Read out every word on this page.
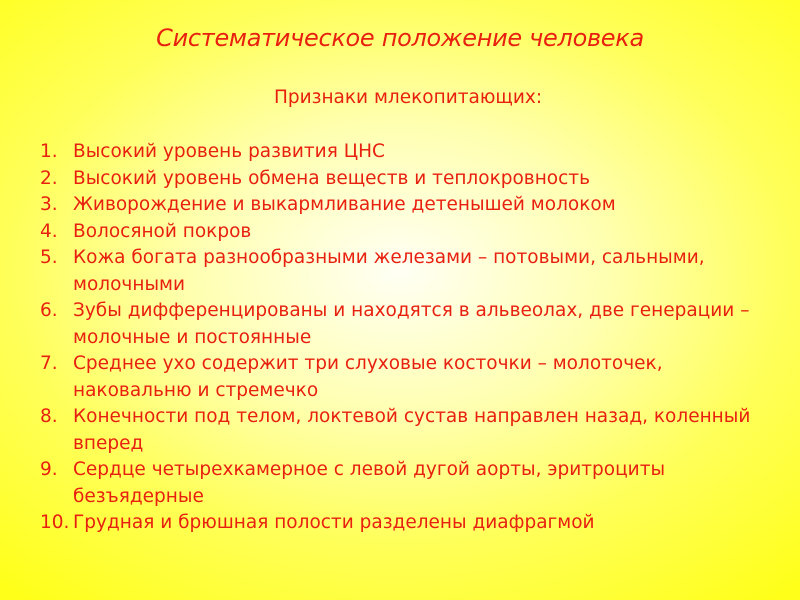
Систематическое положение человека
Признаки млекопитающих:
1. Высокий уровень развития ЦНС
2. Высокий уровень обмена веществ и теплокровность
3. Живорождение и выкармливание детенышей молоком
4. Волосяной покров
5. Кожа богата разнообразными железами – потовыми, сальными, молочными
6. Зубы дифференцированы и находятся в альвеолах, две генерации – молочные и постоянные
7. Среднее ухо содержит три слуховые косточки – молоточек, наковальню и стремечко
8. Конечности под телом, локтевой сустав направлен назад, коленный вперед
9. Сердце четырехкамерное с левой дугой аорты, эритроциты безъядерные
10. Грудная и брюшная полости разделены диафрагмой
